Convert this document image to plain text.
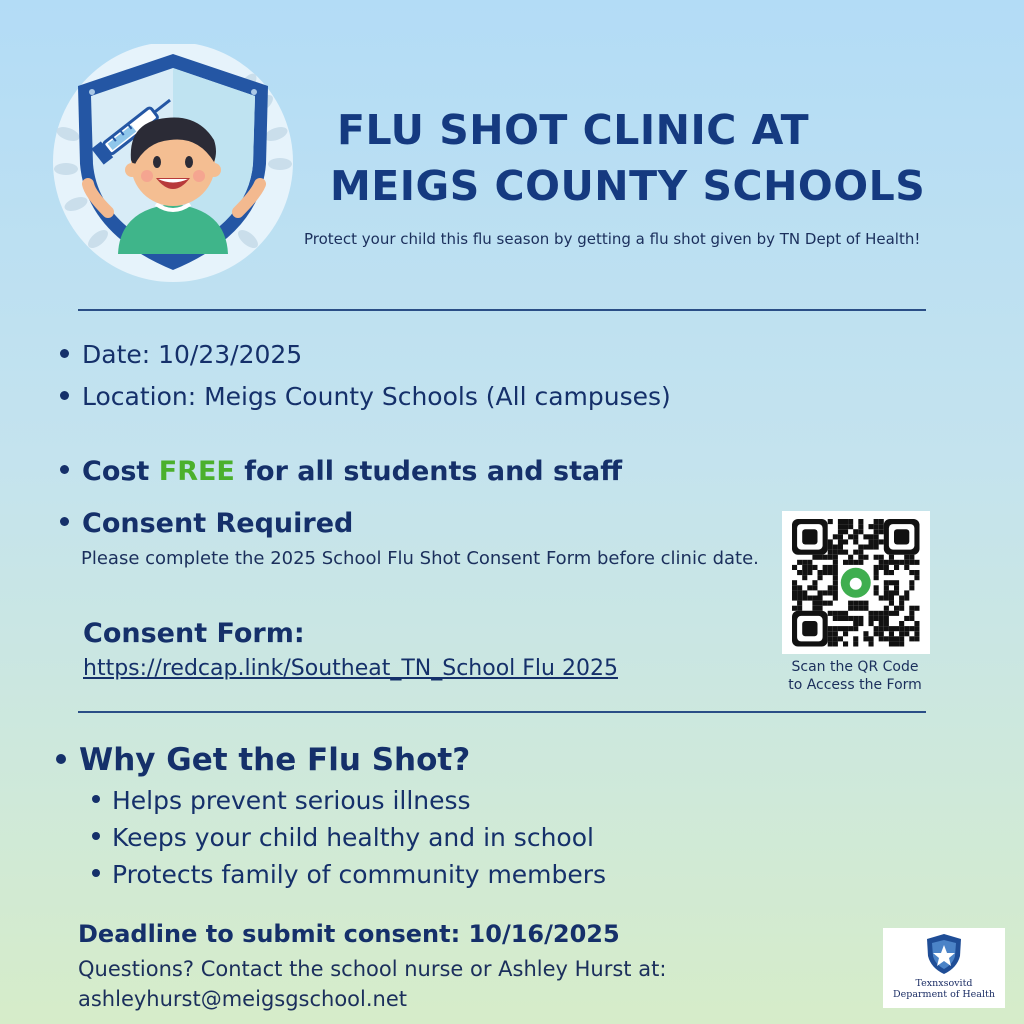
FLU SHOT CLINIC AT
MEIGS COUNTY SCHOOLS
Protect your child this flu season by getting a flu shot given by TN Dept of Health!
Date: 10/23/2025
Location: Meigs County Schools (All campuses)
Cost FREE for all students and staff
Consent Required
Please complete the 2025 School Flu Shot Consent Form before clinic date.
Consent Form:
https://redcap.link/Southeat_TN_School Flu 2025	Scan the QR Code
to Access the Form
Why Get the Flu Shot?
Helps prevent serious illness
Keeps your child healthy and in school
Protects family of community members
Deadline to submit consent: 10/16/2025
Questions? Contact the school nurse or Ashley Hurst at:
ashleyhurst@meigsgschool.net
Texnxsovitd
Deparment of Health
